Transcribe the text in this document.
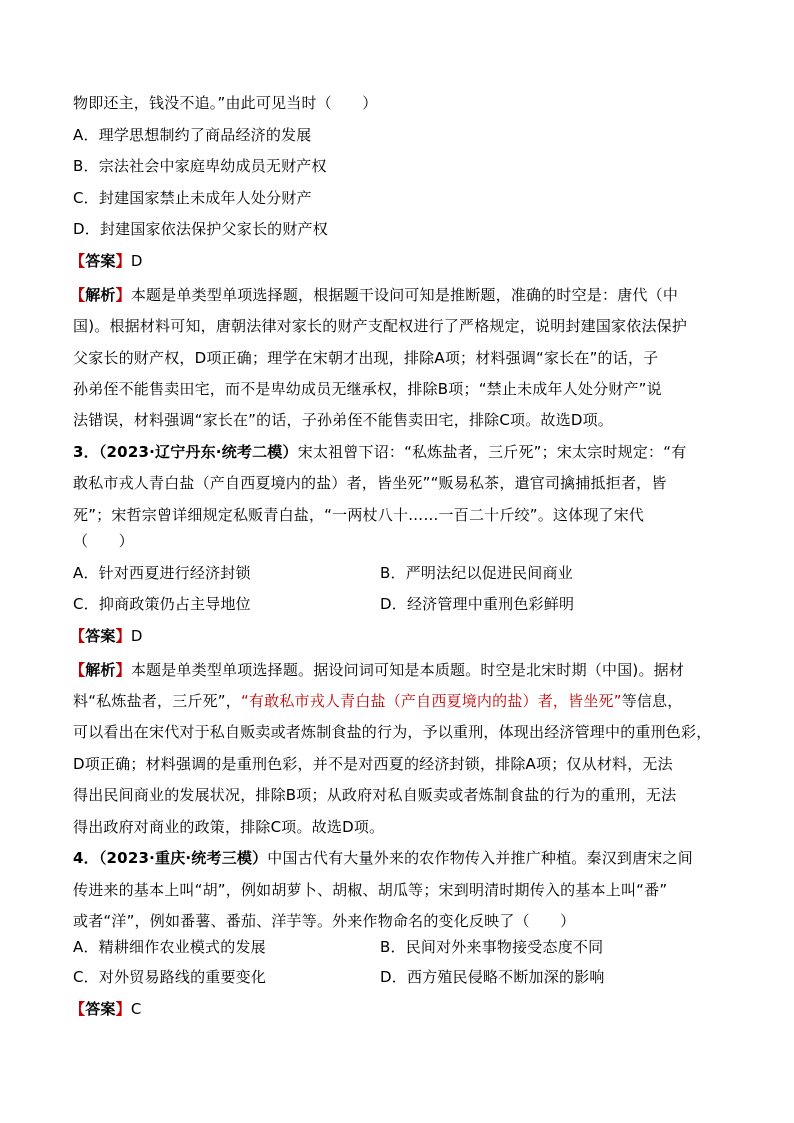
物即还主，钱没不追。”由此可见当时（　　）
A．理学思想制约了商品经济的发展
B．宗法社会中家庭卑幼成员无财产权
C．封建国家禁止未成年人处分财产
D．封建国家依法保护父家长的财产权
【答案】D
【解析】本题是单类型单项选择题，根据题干设问可知是推断题，准确的时空是：唐代（中
国)。根据材料可知，唐朝法律对家长的财产支配权进行了严格规定，说明封建国家依法保护
父家长的财产权，D项正确；理学在宋朝才出现，排除A项；材料强调“家长在”的话，子
孙弟侄不能售卖田宅，而不是卑幼成员无继承权，排除B项；“禁止未成年人处分财产”说
法错误，材料强调“家长在”的话，子孙弟侄不能售卖田宅，排除C项。故选D项。
3．（2023·辽宁丹东·统考二模）宋太祖曾下诏：“私炼盐者，三斤死”；宋太宗时规定：“有
敢私市戎人青白盐（产自西夏境内的盐）者，皆坐死”“贩易私茶，遣官司擒捕抵拒者，皆
死”；宋哲宗曾详细规定私贩青白盐，“一两杖八十……一百二十斤绞”。这体现了宋代
（　　）
A．针对西夏进行经济封锁	B．严明法纪以促进民间商业
C．抑商政策仍占主导地位	D．经济管理中重刑色彩鲜明
【答案】D
【解析】本题是单类型单项选择题。据设问词可知是本质题。时空是北宋时期（中国)。据材
料“私炼盐者，三斤死”，“有敢私市戎人青白盐（产自西夏境内的盐）者，皆坐死”等信息，
可以看出在宋代对于私自贩卖或者炼制食盐的行为，予以重刑，体现出经济管理中的重刑色彩，
D项正确；材料强调的是重刑色彩，并不是对西夏的经济封锁，排除A项；仅从材料，无法
得出民间商业的发展状况，排除B项；从政府对私自贩卖或者炼制食盐的行为的重刑，无法
得出政府对商业的政策，排除C项。故选D项。
4．（2023·重庆·统考三模）中国古代有大量外来的农作物传入并推广种植。秦汉到唐宋之间
传进来的基本上叫“胡”，例如胡萝卜、胡椒、胡瓜等；宋到明清时期传入的基本上叫“番”
或者“洋”，例如番薯、番茄、洋芋等。外来作物命名的变化反映了（　　）
A．精耕细作农业模式的发展	B．民间对外来事物接受态度不同
C．对外贸易路线的重要变化	D．西方殖民侵略不断加深的影响
【答案】C
